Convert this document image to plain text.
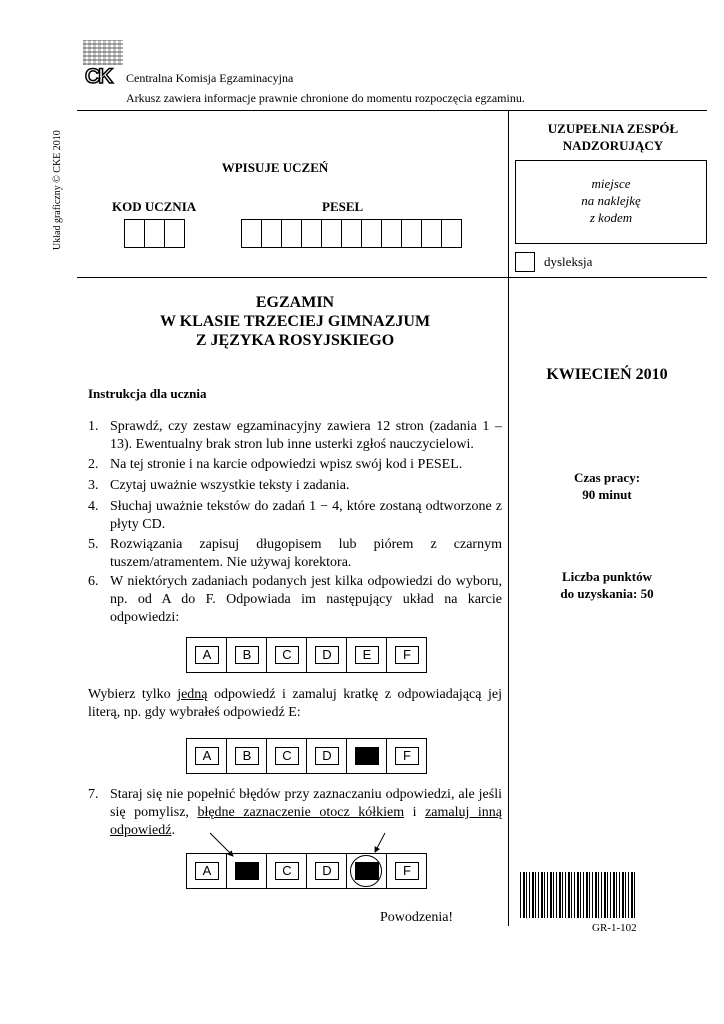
CK Centralna Komisja Egzaminacyjna
Arkusz zawiera informacje prawnie chronione do momentu rozpoczęcia egzaminu.
Układ graficzny © CKE 2010	WPISUJE UCZEŃ
KOD UCZNIA	PESEL
UZUPEŁNIA ZESPÓŁ
NADZORUJĄCY
miejsce
na naklejkę
z kodem
dysleksja
EGZAMIN
W KLASIE TRZECIEJ GIMNAZJUM
Z JĘZYKA ROSYJSKIEGO
KWIECIEŃ 2010
Czas pracy:
90 minut
Liczba punktów
do uzyskania: 50
Instrukcja dla ucznia
1. Sprawdź, czy zestaw egzaminacyjny zawiera 12 stron (zadania 1 – 13). Ewentualny brak stron lub inne usterki zgłoś nauczycielowi.
2. Na tej stronie i na karcie odpowiedzi wpisz swój kod i PESEL.
3. Czytaj uważnie wszystkie teksty i zadania.
4. Słuchaj uważnie tekstów do zadań 1 − 4, które zostaną odtworzone z płyty CD.
5. Rozwiązania zapisuj długopisem lub piórem z czarnym tuszem/atramentem. Nie używaj korektora.
6. W niektórych zadaniach podanych jest kilka odpowiedzi do wyboru, np. od A do F. Odpowiada im następujący układ na karcie odpowiedzi:
A	B	C	D	E	F
Wybierz tylko jedną odpowiedź i zamaluj kratkę z odpowiadającą jej literą, np. gdy wybrałeś odpowiedź E:
A	B	C	D	E	F
7. Staraj się nie popełnić błędów przy zaznaczaniu odpowiedzi, ale jeśli się pomylisz, błędne zaznaczenie otocz kółkiem i zamaluj inną odpowiedź.
A	B	C	D	E	F
Powodzenia!
GR-1-102
